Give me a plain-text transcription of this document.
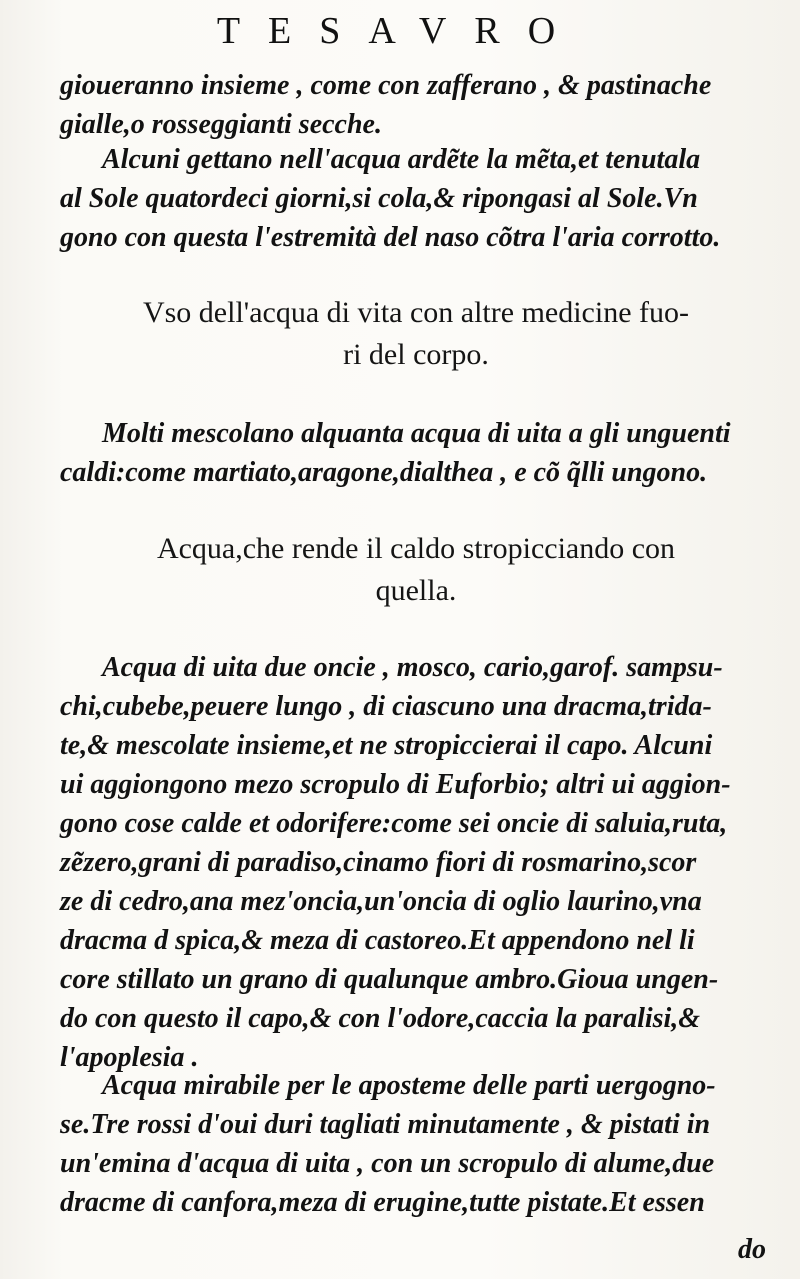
TESAVRO
gioueranno insieme , come con zafferano , & pastinache
gialle,o rosseggianti secche.
Alcuni gettano nell'acqua ardẽte la mẽta,et tenutala
al Sole quatordeci giorni,si cola,& ripongasi al Sole.Vn
gono con questa l'estremità del naso cõtra l'aria corrotto.
Vso dell'acqua di vita con altre medicine fuo-
ri del corpo.
Molti mescolano alquanta acqua di uita a gli unguenti
caldi:come martiato,aragone,dialthea , e cõ q̃lli ungono.
Acqua,che rende il caldo stropicciando con
quella.
Acqua di uita due oncie , mosco, cario,garof. sampsu-
chi,cubebe,peuere lungo , di ciascuno una dracma,trida-
te,& mescolate insieme,et ne stropiccierai il capo. Alcuni
ui aggiongono mezo scropulo di Euforbio; altri ui aggion-
gono cose calde et odorifere:come sei oncie di saluia,ruta,
zẽzero,grani di paradiso,cinamo fiori di rosmarino,scor
ze di cedro,ana mez'oncia,un'oncia di oglio laurino,vna
dracma d spica,& meza di castoreo.Et appendono nel li
core stillato un grano di qualunque ambro.Gioua ungen-
do con questo il capo,& con l'odore,caccia la paralisi,&
l'apoplesia .
Acqua mirabile per le aposteme delle parti uergogno-
se.Tre rossi d'oui duri tagliati minutamente , & pistati in
un'emina d'acqua di uita , con un scropulo di alume,due
dracme di canfora,meza di erugine,tutte pistate.Et essen
do
